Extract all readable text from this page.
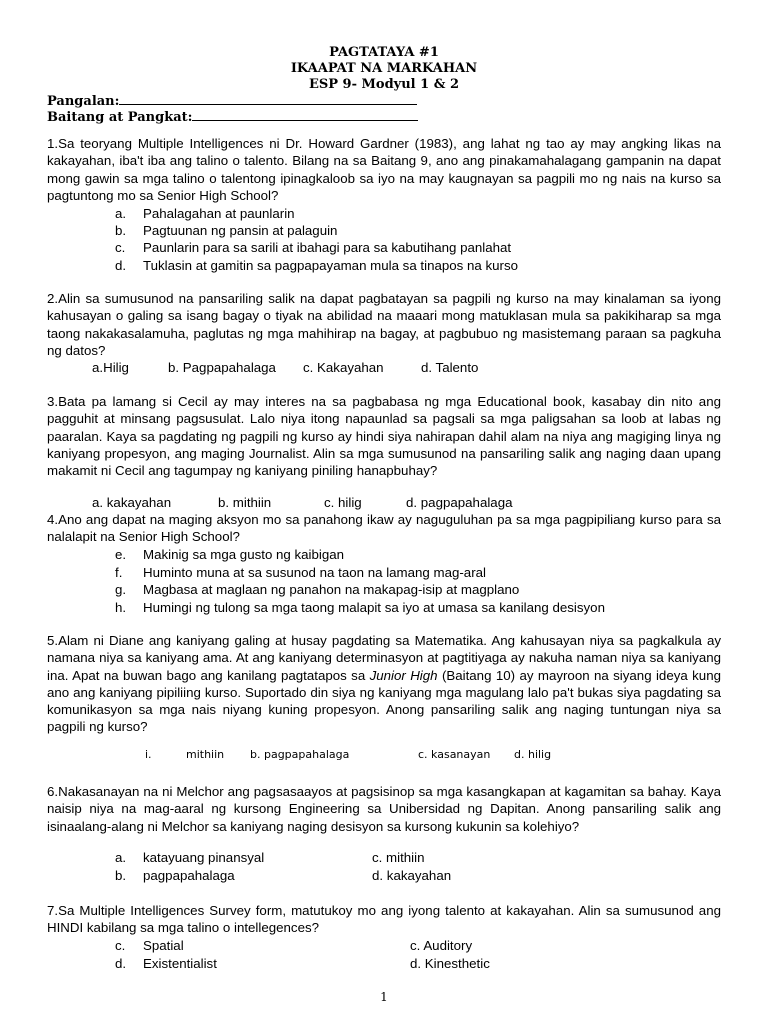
PAGTATAYA #1
IKAAPAT NA MARKAHAN
ESP 9- Modyul 1 & 2
Pangalan:
Baitang at Pangkat:

1.Sa teoryang Multiple Intelligences ni Dr. Howard Gardner (1983), ang lahat ng tao ay may angking likas na kakayahan, iba't iba ang talino o talento. Bilang na sa Baitang 9, ano ang pinakamahalagang gampanin na dapat mong gawin sa mga talino o talentong ipinagkaloob sa iyo na may kaugnayan sa pagpili mo ng nais na kurso sa pagtuntong mo sa Senior High School?

a. Pahalagahan at paunlarin
b. Pagtuunan ng pansin at palaguin
c. Paunlarin para sa sarili at ibahagi para sa kabutihang panlahat
d. Tuklasin at gamitin sa pagpapayaman mula sa tinapos na kurso

2.Alin sa sumusunod na pansariling salik na dapat pagbatayan sa pagpili ng kurso na may kinalaman sa iyong kahusayan o galing sa isang bagay o tiyak na abilidad na maaari mong matuklasan mula sa pakikiharap sa mga taong nakakasalamuha, paglutas ng mga mahihirap na bagay, at pagbubuo ng masistemang paraan sa pagkuha ng datos?

a.Hilig	b. Pagpapahalaga c. Kakayahan	d. Talento

3.Bata pa lamang si Cecil ay may interes na sa pagbabasa ng mga Educational book, kasabay din nito ang pagguhit at minsang pagsusulat. Lalo niya itong napaunlad sa pagsali sa mga paligsahan sa loob at labas ng paaralan. Kaya sa pagdating ng pagpili ng kurso ay hindi siya nahirapan dahil alam na niya ang magiging linya ng kaniyang propesyon, ang maging Journalist. Alin sa mga sumusunod na pansariling salik ang naging daan upang makamit ni Cecil ang tagumpay ng kaniyang piniling hanapbuhay?

a. kakayahan	b. mithiin	c. hilig	d. pagpapahalaga

4.Ano ang dapat na maging aksyon mo sa panahong ikaw ay naguguluhan pa sa mga pagpipiliang kurso para sa nalalapit na Senior High School?

e. Makinig sa mga gusto ng kaibigan
f. Huminto muna at sa susunod na taon na lamang mag-aral
g. Magbasa at maglaan ng panahon na makapag-isip at magplano
h. Humingi ng tulong sa mga taong malapit sa iyo at umasa sa kanilang desisyon

5.Alam ni Diane ang kaniyang galing at husay pagdating sa Matematika. Ang kahusayan niya sa pagkalkula ay namana niya sa kaniyang ama. At ang kaniyang determinasyon at pagtitiyaga ay nakuha naman niya sa kaniyang ina. Apat na buwan bago ang kanilang pagtatapos sa Junior High (Baitang 10) ay mayroon na siyang ideya kung ano ang kaniyang pipiliing kurso. Suportado din siya ng kaniyang mga magulang lalo pa't bukas siya pagdating sa komunikasyon sa mga nais niyang kuning propesyon. Anong pansariling salik ang naging tuntungan niya sa pagpili ng kurso?

i.	mithiin b. pagpapahalaga	c. kasanayan d. hilig

6.Nakasanayan na ni Melchor ang pagsasaayos at pagsisinop sa mga kasangkapan at kagamitan sa bahay. Kaya naisip niya na mag-aaral ng kursong Engineering sa Unibersidad ng Dapitan. Anong pansariling salik ang isinaalang-alang ni Melchor sa kaniyang naging desisyon sa kursong kukunin sa kolehiyo?

a. katayuang pinansyal	c. mithiin
b. pagpapahalaga	d. kakayahan

7.Sa Multiple Intelligences Survey form, matutukoy mo ang iyong talento at kakayahan. Alin sa sumusunod ang HINDI kabilang sa mga talino o intellegences?

c. Spatial	c. Auditory
d. Existentialist	d. Kinesthetic
1
